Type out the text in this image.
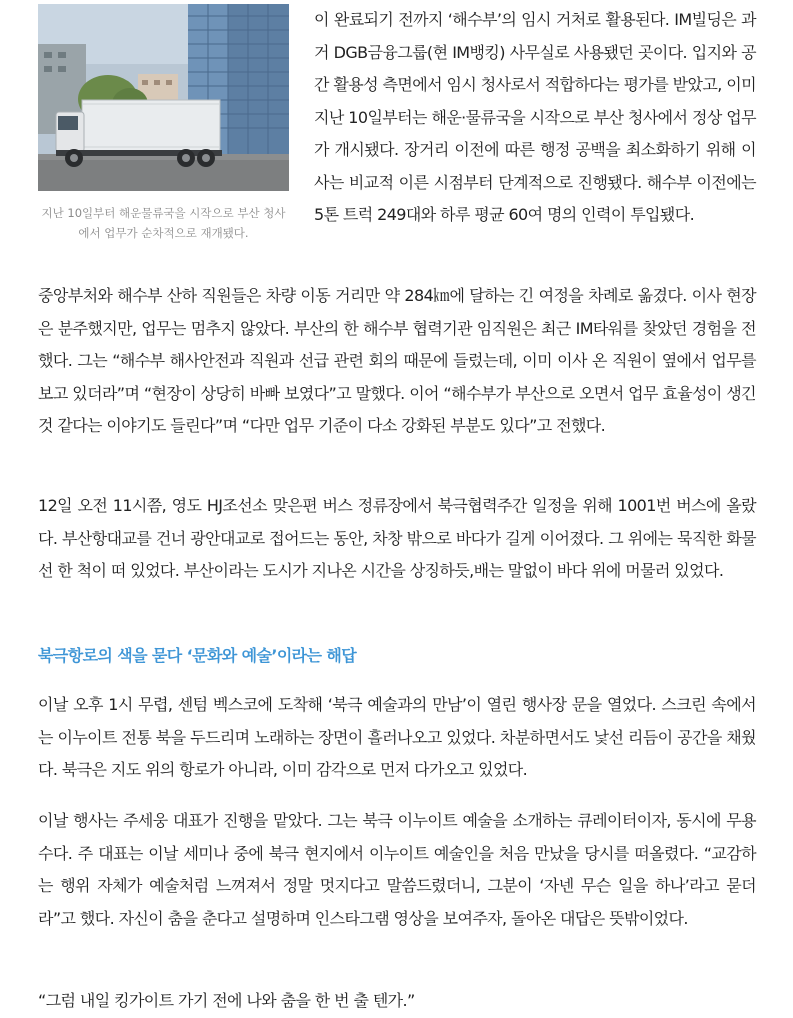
지난 10일부터 해운물류국을 시작으로 부산 청사에서 업무가 순차적으로 재개됐다.

이 완료되기 전까지 ‘해수부’의 임시 거처로 활용된다. IM빌딩은 과거 DGB금융그룹(현 IM뱅킹) 사무실로 사용됐던 곳이다. 입지와 공간 활용성 측면에서 임시 청사로서 적합하다는 평가를 받았고, 이미 지난 10일부터는 해운·물류국을 시작으로 부산 청사에서 정상 업무가 개시됐다. 장거리 이전에 따른 행정 공백을 최소화하기 위해 이사는 비교적 이른 시점부터 단계적으로 진행됐다. 해수부 이전에는 5톤 트럭 249대와 하루 평균 60여 명의 인력이 투입됐다.

중앙부처와 해수부 산하 직원들은 차량 이동 거리만 약 284㎞에 달하는 긴 여정을 차례로 옮겼다. 이사 현장은 분주했지만, 업무는 멈추지 않았다. 부산의 한 해수부 협력기관 임직원은 최근 IM타워를 찾았던 경험을 전했다. 그는 “해수부 해사안전과 직원과 선급 관련 회의 때문에 들렀는데, 이미 이사 온 직원이 옆에서 업무를 보고 있더라”며 “현장이 상당히 바빠 보였다”고 말했다. 이어 “해수부가 부산으로 오면서 업무 효율성이 생긴 것 같다는 이야기도 들린다”며 “다만 업무 기준이 다소 강화된 부분도 있다”고 전했다.

12일 오전 11시쯤, 영도 HJ조선소 맞은편 버스 정류장에서 북극협력주간 일정을 위해 1001번 버스에 올랐다. 부산항대교를 건너 광안대교로 접어드는 동안, 차창 밖으로 바다가 길게 이어졌다. 그 위에는 묵직한 화물선 한 척이 떠 있었다. 부산이라는 도시가 지나온 시간을 상징하듯,배는 말없이 바다 위에 머물러 있었다.

북극항로의 색을 묻다 ‘문화와 예술’이라는 해답

이날 오후 1시 무렵, 센텀 벡스코에 도착해 ‘북극 예술과의 만남’이 열린 행사장 문을 열었다. 스크린 속에서는 이누이트 전통 북을 두드리며 노래하는 장면이 흘러나오고 있었다. 차분하면서도 낯선 리듬이 공간을 채웠다. 북극은 지도 위의 항로가 아니라, 이미 감각으로 먼저 다가오고 있었다.

이날 행사는 주세웅 대표가 진행을 맡았다. 그는 북극 이누이트 예술을 소개하는 큐레이터이자, 동시에 무용수다. 주 대표는 이날 세미나 중에 북극 현지에서 이누이트 예술인을 처음 만났을 당시를 떠올렸다. “교감하는 행위 자체가 예술처럼 느껴져서 정말 멋지다고 말씀드렸더니, 그분이 ‘자넨 무슨 일을 하나’라고 묻더라”고 했다. 자신이 춤을 춘다고 설명하며 인스타그램 영상을 보여주자, 돌아온 대답은 뜻밖이었다.

“그럼 내일 킹가이트 가기 전에 나와 춤을 한 번 출 텐가.”
